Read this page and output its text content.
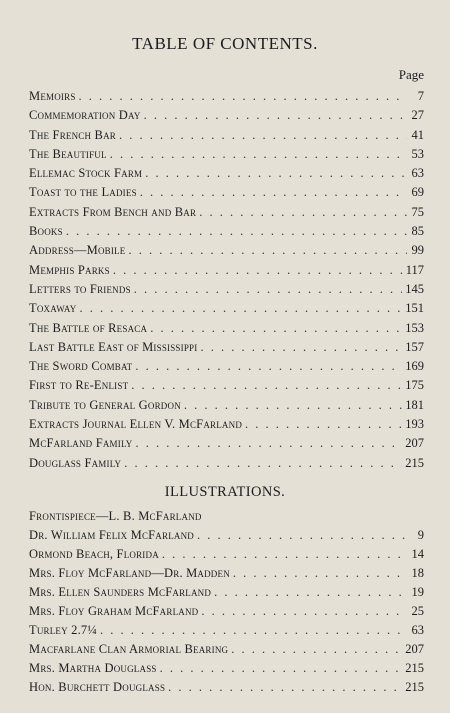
TABLE OF CONTENTS.
Page
Memoirs . . .	7
Commemoration Day . . .	27
The French Bar . . .	41
The Beautiful . . .	53
Ellemac Stock Farm . . .	63
Toast to the Ladies . . .	69
Extracts From Bench and Bar . . .	75
Books . . .	85
Address—Mobile . . .	99
Memphis Parks . . .	117
Letters to Friends . . .	145
Toxaway . . .	151
The Battle of Resaca . . .	153
Last Battle East of Mississippi . . .	157
The Sword Combat . . .	169
First to Re-Enlist . . .	175
Tribute to General Gordon . . .	181
Extracts Journal Ellen V. McFarland . . .	193
McFarland Family . . .	207
Douglass Family . . .	215
ILLUSTRATIONS.
Frontispiece—L. B. McFarland
Dr. William Felix McFarland . . .	9
Ormond Beach, Florida . . .	14
Mrs. Floy McFarland—Dr. Madden . . .	18
Mrs. Ellen Saunders McFarland . . .	19
Mrs. Floy Graham McFarland . . .	25
Turley 2.7¼ . . .	63
Macfarlane Clan Armorial Bearing . . .	207
Mrs. Martha Douglass . . .	215
Hon. Burchett Douglass . . .	215
